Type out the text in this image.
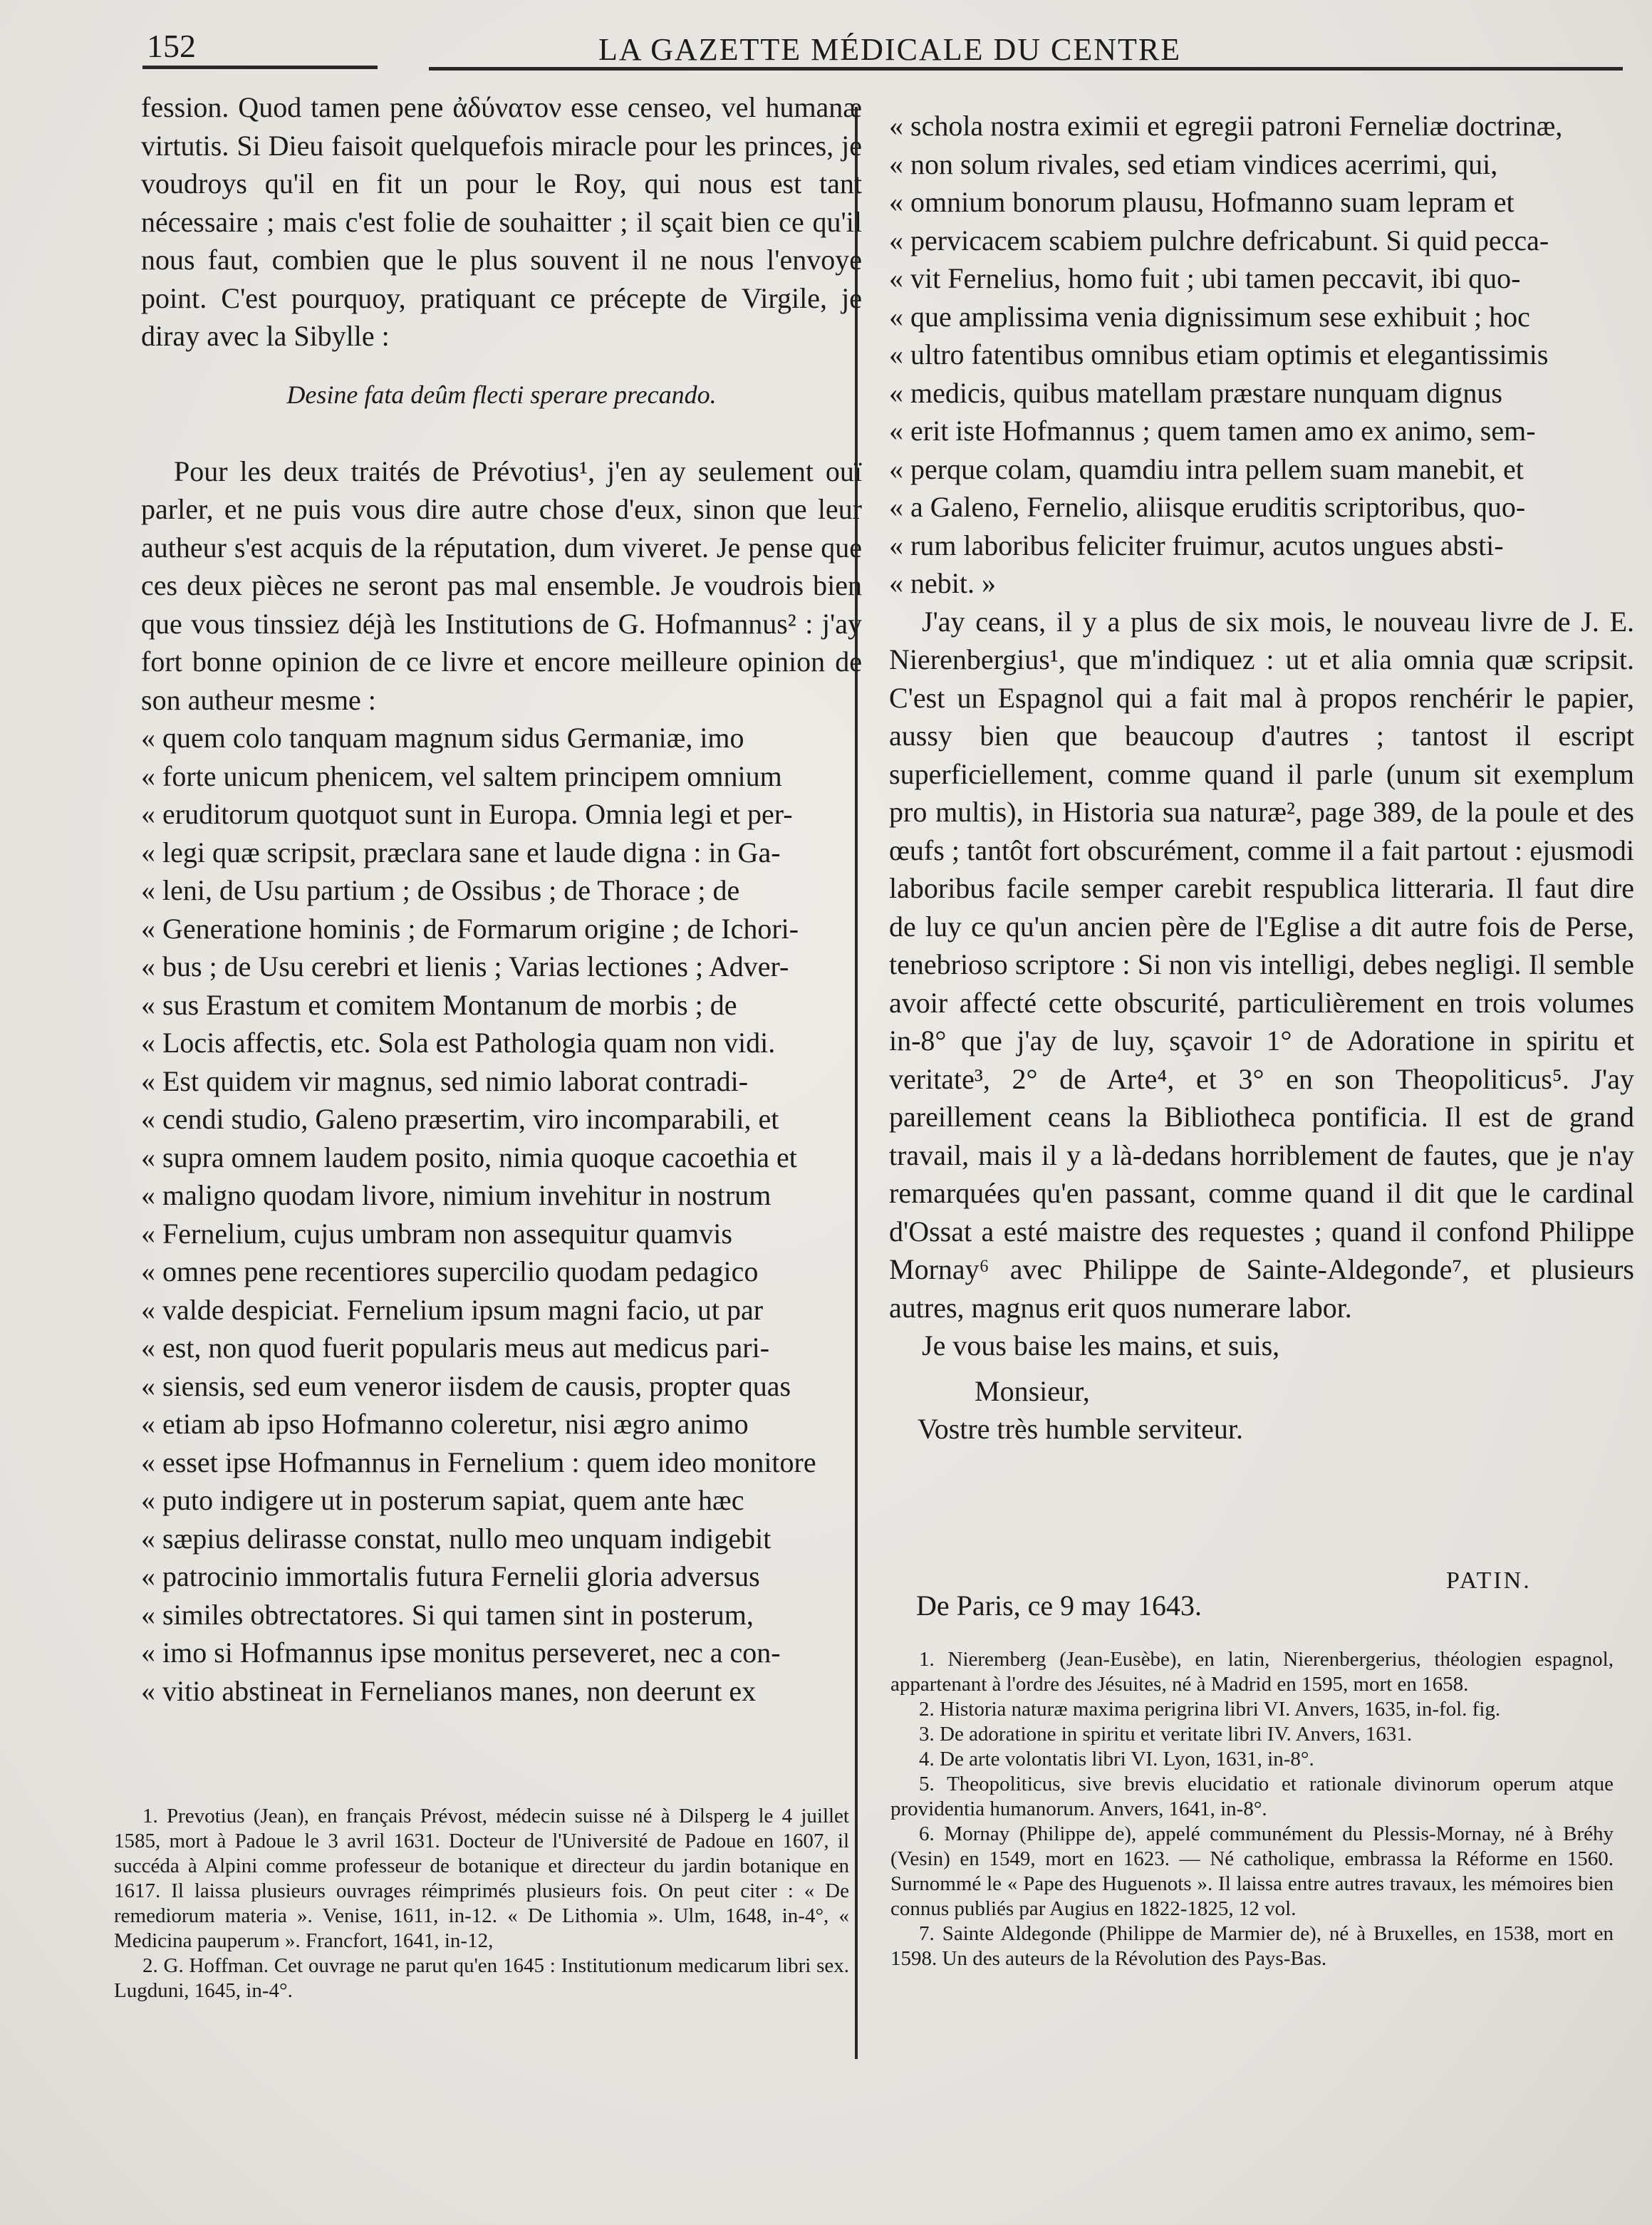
152	LA GAZETTE MÉDICALE DU CENTRE

fession. Quod tamen pene ἀδύνατον esse censeo, vel humanæ virtutis. Si Dieu faisoit quelquefois miracle pour les princes, je voudroys qu'il en fit un pour le Roy, qui nous est tant nécessaire ; mais c'est folie de souhaitter ; il sçait bien ce qu'il nous faut, combien que le plus souvent il ne nous l'envoye point. C'est pourquoy, pratiquant ce précepte de Virgile, je diray avec la Sibylle :

Desine fata deûm flecti sperare precando.

Pour les deux traités de Prévotius¹, j'en ay seulement ouï parler, et ne puis vous dire autre chose d'eux, sinon que leur autheur s'est acquis de la réputation, dum viveret. Je pense que ces deux pièces ne seront pas mal ensemble. Je voudrois bien que vous tinssiez déjà les Institutions de G. Hofmannus² : j'ay fort bonne opinion de ce livre et encore meilleure opinion de son autheur mesme :

« quem colo tanquam magnum sidus Germaniæ, imo
« forte unicum phenicem, vel saltem principem omnium
« eruditorum quotquot sunt in Europa. Omnia legi et per-
« legi quæ scripsit, præclara sane et laude digna : in Ga-
« leni, de Usu partium ; de Ossibus ; de Thorace ; de
« Generatione hominis ; de Formarum origine ; de Ichori-
« bus ; de Usu cerebri et lienis ; Varias lectiones ; Adver-
« sus Erastum et comitem Montanum de morbis ; de
« Locis affectis, etc. Sola est Pathologia quam non vidi.
« Est quidem vir magnus, sed nimio laborat contradi-
« cendi studio, Galeno præsertim, viro incomparabili, et
« supra omnem laudem posito, nimia quoque cacoethia et
« maligno quodam livore, nimium invehitur in nostrum
« Fernelium, cujus umbram non assequitur quamvis
« omnes pene recentiores supercilio quodam pedagico
« valde despiciat. Fernelium ipsum magni facio, ut par
« est, non quod fuerit popularis meus aut medicus pari-
« siensis, sed eum veneror iisdem de causis, propter quas
« etiam ab ipso Hofmanno coleretur, nisi ægro animo
« esset ipse Hofmannus in Fernelium : quem ideo monitore
« puto indigere ut in posterum sapiat, quem ante hæc
« sæpius delirasse constat, nullo meo unquam indigebit
« patrocinio immortalis futura Fernelii gloria adversus
« similes obtrectatores. Si qui tamen sint in posterum,
« imo si Hofmannus ipse monitus perseveret, nec a con-
« vitio abstineat in Fernelianos manes, non deerunt ex

1. Prevotius (Jean), en français Prévost, médecin suisse né à Dilsperg le 4 juillet 1585, mort à Padoue le 3 avril 1631. Docteur de l'Université de Padoue en 1607, il succéda à Alpini comme professeur de botanique et directeur du jardin botanique en 1617. Il laissa plusieurs ouvrages réimprimés plusieurs fois. On peut citer : « De remediorum materia ». Venise, 1611, in-12. « De Lithomia ». Ulm, 1648, in-4°, « Medicina pauperum ». Francfort, 1641, in-12,

2. G. Hoffman. Cet ouvrage ne parut qu'en 1645 : Institutionum medicarum libri sex. Lugduni, 1645, in-4°.

« schola nostra eximii et egregii patroni Ferneliæ doctrinæ,
« non solum rivales, sed etiam vindices acerrimi, qui,
« omnium bonorum plausu, Hofmanno suam lepram et
« pervicacem scabiem pulchre defricabunt. Si quid pecca-
« vit Fernelius, homo fuit ; ubi tamen peccavit, ibi quo-
« que amplissima venia dignissimum sese exhibuit ; hoc
« ultro fatentibus omnibus etiam optimis et elegantissimis
« medicis, quibus matellam præstare nunquam dignus
« erit iste Hofmannus ; quem tamen amo ex animo, sem-
« perque colam, quamdiu intra pellem suam manebit, et
« a Galeno, Fernelio, aliisque eruditis scriptoribus, quo-
« rum laboribus feliciter fruimur, acutos ungues absti-
« nebit. »

J'ay ceans, il y a plus de six mois, le nouveau livre de J. E. Nierenbergius¹, que m'indiquez : ut et alia omnia quæ scripsit. C'est un Espagnol qui a fait mal à propos renchérir le papier, aussy bien que beaucoup d'autres ; tantost il escript superficiellement, comme quand il parle (unum sit exemplum pro multis), in Historia sua naturæ², page 389, de la poule et des œufs ; tantôt fort obscurément, comme il a fait partout : ejusmodi laboribus facile semper carebit respublica litteraria. Il faut dire de luy ce qu'un ancien père de l'Eglise a dit autre fois de Perse, tenebrioso scriptore : Si non vis intelligi, debes negligi. Il semble avoir affecté cette obscurité, particulièrement en trois volumes in-8° que j'ay de luy, sçavoir 1° de Adoratione in spiritu et veritate³, 2° de Arte⁴, et 3° en son Theopoliticus⁵. J'ay pareillement ceans la Bibliotheca pontificia. Il est de grand travail, mais il y a là-dedans horriblement de fautes, que je n'ay remarquées qu'en passant, comme quand il dit que le cardinal d'Ossat a esté maistre des requestes ; quand il confond Philippe Mornay⁶ avec Philippe de Sainte-Aldegonde⁷, et plusieurs autres, magnus erit quos numerare labor.

Je vous baise les mains, et suis,

Monsieur,

Vostre très humble serviteur.

PATIN.
De Paris, ce 9 may 1643.

1. Nieremberg (Jean-Eusèbe), en latin, Nierenbergerius, théologien espagnol, appartenant à l'ordre des Jésuites, né à Madrid en 1595, mort en 1658.

2. Historia naturæ maxima perigrina libri VI. Anvers, 1635, in-fol. fig.

3. De adoratione in spiritu et veritate libri IV. Anvers, 1631.

4. De arte volontatis libri VI. Lyon, 1631, in-8°.

5. Theopoliticus, sive brevis elucidatio et rationale divinorum operum atque providentia humanorum. Anvers, 1641, in-8°.

6. Mornay (Philippe de), appelé communément du Plessis-Mornay, né à Bréhy (Vesin) en 1549, mort en 1623. — Né catholique, embrassa la Réforme en 1560. Surnommé le « Pape des Huguenots ». Il laissa entre autres travaux, les mémoires bien connus publiés par Augius en 1822-1825, 12 vol.

7. Sainte Aldegonde (Philippe de Marmier de), né à Bruxelles, en 1538, mort en 1598. Un des auteurs de la Révolution des Pays-Bas.
